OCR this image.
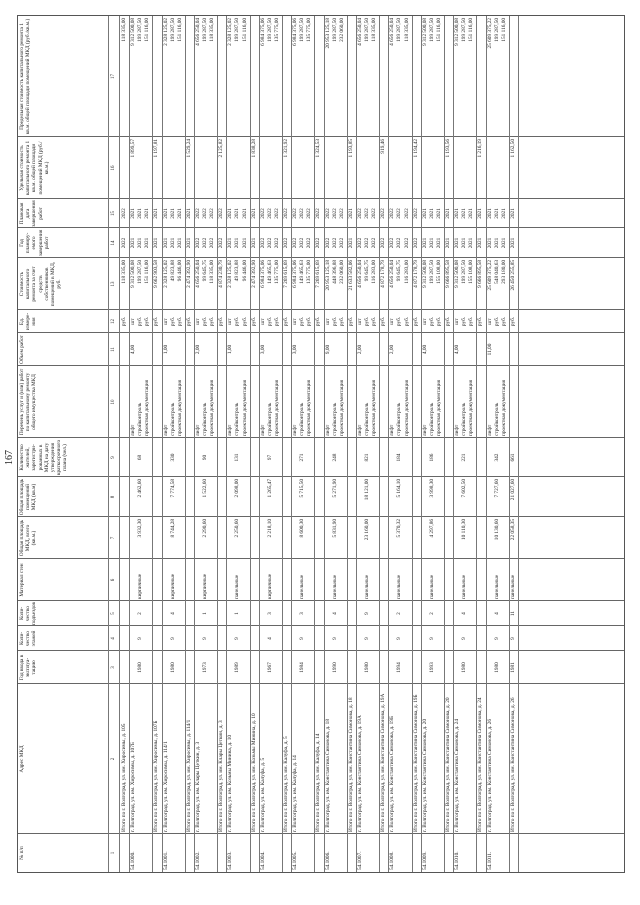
167
№ п/п
Адрес МКД
Год ввода в эксплуатацию
Количество этажей
Количество подъездов
Материал стен
Общая площадь МКД, всего (кв.м.)
Общая площадь помещений МКД (кв.м)
Количество жителей, зарегистрированных в МКД на дату утверждения краткосрочного плана (чел.)
Перечень услуг и (или) работ по капитальному ремонту общего имущества МКД
Объем работ
Ед. измерения
Стоимость капитального ремонта за счет средств собственников помещений в МКД, руб.
Год планируемого завершения работ
Плановая дата завершения работ
Удельная стоимость капитального ремонта 1 кв.м. общей площади помещений МКД (руб./кв.м.)
Предельная стоимость капитального ремонта 1 кв.м. общей площади помещений МКД (руб./кв.м.)
1
2
3
4
5
6
7
8
9
10
11
12
13
14
15
16
17
Итого по г. Волгоград, ул. им. Хиросимы, д. 105
руб.
118 335,00
2022
2022
118 335,00
54.1000.
г. Волгоград, ул. им. Хиросимы, д. 107Б
1980
9
2
кирпичные
3 932,30
2 462,60
68
4,00
лифт
шт
9 312 500,08
2021
2021
9 312 500,08
стройконтроль
руб.
199 287,50
2021
2021
199 287,50
проектная документация
руб.
151 116,00
2021
2021
151 116,00
1 899,57
Итого по г. Волгоград, ул. им. Хиросимы, д. 107Б
руб.
9 662 903,58
2021
2021
1 197,81
54.1001.
г. Волгоград, ул. им. Хиросимы, д. 114/1
1980
9
4
кирпичные
8 744,28
7 774,58
330
1,00
лифт
шт
2 328 125,02
2021
2021
2 328 125,02
стройконтроль
руб.
49 823,88
2021
2021
199 287,50
проектная документация
руб.
96 446,00
2021
2021
151 116,00
Итого по г. Волгоград, ул. им. Хиросимы, д. 114/1
руб.
2 474 392,90
2021
2021
1 529,24
54.1002.
г. Волгоград, ул. им. Клары Цеткин, д. 3
1973
9
1
кирпичные
2 290,60
1 522,60
90
2,00
лифт
шт
4 656 250,04
2022
2022
4 656 250,04
стройконтроль
руб.
99 645,75
2022
2022
199 287,50
проектная документация
руб.
118 335,00
2022
2022
118 335,00
Итого по г. Волгоград, ул. им. Клары Цеткин, д. 3
руб.
4 874 230,79
2022
2022
2 125,82
54.1003.
г. Волгоград, ул. им. Козьмы Минина, д. 10
1989
9
1
панельные
2 250,60
2 098,00
131
1,00
лифт
шт
2 328 125,02
2021
2021
2 328 125,02
стройконтроль
руб.
49 823,88
2021
2021
199 287,50
проектная документация
руб.
96 446,00
2021
2021
151 116,00
Итого по г. Волгоград, ул. им. Козьмы Минина, д. 10
руб.
2 474 392,90
2021
2021
1 838,28
54.1004.
г. Волгоград, ул. им. Калуфа, д. 5
1967
4
3
кирпичные
2 218,10
1 265,47
97
3,00
лифт
шт
6 984 375,06
2022
2022
6 984 375,06
стройконтроль
руб.
149 465,63
2022
2022
199 287,50
проектная документация
руб.
135 775,00
2022
2022
135 775,00
Итого по г. Волгоград, ул. им. Калуфа, д. 5
руб.
7 269 615,69
2022
2022
1 321,92
54.1005.
г. Волгоград, ул. им. Калуфа, д. 14
1984
9
3
панельные
8 600,30
5 715,50
271
3,00
лифт
шт
6 984 375,06
2022
2022
6 984 375,06
стройконтроль
руб.
149 465,63
2022
2022
199 287,50
проектная документация
руб.
135 775,00
2022
2022
135 775,00
Итого по г. Волгоград, ул. им. Калуфа, д. 14
руб.
7 269 615,69
2022
2022
1 324,53
54.1006.
г. Волгоград, ул. им. Константина Симонова, д. 18
1990
9
4
панельные
5 831,90
5 271,90
248
9,00
лифт
шт
20 953 125,18
2022
2022
20 953 125,18
стройконтроль
руб.
448 396,88
2022
2022
199 287,50
проектная документация
руб.
232 060,00
2022
2022
232 060,00
Итого по г. Волгоград, ул. им. Константина Симонова, д. 18
руб.
21 633 582,06
2021
2021
1 193,85
54.1007.
г. Волгоград, ул. им. Константина Симонова, д. 19А
1980
9
9
панельные
23 160,00
18 121,00
821
2,00
лифт
шт
4 656 250,04
2022
2022
4 656 250,04
стройконтроль
руб.
99 645,75
2022
2022
199 287,50
проектная документация
руб.
116 283,00
2022
2022
118 335,00
Итого по г. Волгоград, ул. им. Константина Симонова, д. 19А
руб.
4 872 178,79
2022
2022
919,46
54.1008.
г. Волгоград, ул. им. Константина Симонова, д. 19Б
1994
9
2
панельные
5 370,32
5 164,10
184
2,00
лифт
шт
4 656 250,04
2022
2022
4 656 250,04
стройконтроль
руб.
99 645,75
2022
2022
199 287,50
проектная документация
руб.
116 283,00
2022
2022
118 335,00
Итого по г. Волгоград, ул. им. Константина Симонова, д. 19Б
руб.
4 872 178,79
2022
2022
1 194,42
54.1009.
г. Волгоград, ул. им. Константина Симонова, д. 20
1993
9
2
панельные
4 297,86
3 998,30
186
4,00
лифт
шт
9 312 500,08
2021
2021
9 312 500,08
стройконтроль
руб.
199 287,50
2021
2021
199 287,50
проектная документация
руб.
155 108,00
2021
2021
151 116,00
Итого по г. Волгоград, ул. им. Константина Симонова, д. 20
руб.
9 666 895,58
2021
2021
1 193,56
54.1010.
г. Волгоград, ул. им. Константина Симонова, д. 24
1980
9
4
панельные
10 110,30
7 602,50
221
4,00
лифт
шт
9 312 500,08
2021
2021
9 312 500,08
стройконтроль
руб.
199 287,50
2021
2021
199 287,50
проектная документация
руб.
155 108,00
2021
2021
151 116,00
Итого по г. Волгоград, ул. им. Константина Симонова, д. 24
руб.
9 666 895,58
2021
2021
1 216,19
54.1011.
г. Волгоград, ул. им. Константина Симонова, д. 26
1980
9
4
панельные
10 130,60
7 727,60
342
11,00
лифт
шт
25 609 375,22
2021
2021
25 609 375,22
стройконтроль
руб.
548 040,63
2021
2021
199 287,50
проектная документация
руб.
293 180,00
2021
2021
151 116,00
Итого по г. Волгоград, ул. им. Константина Симонова, д. 26
1981
9
11
панельные
22 058,35
21 027,60
661
руб.
26 450 255,85
2021
2021
1 162,50
